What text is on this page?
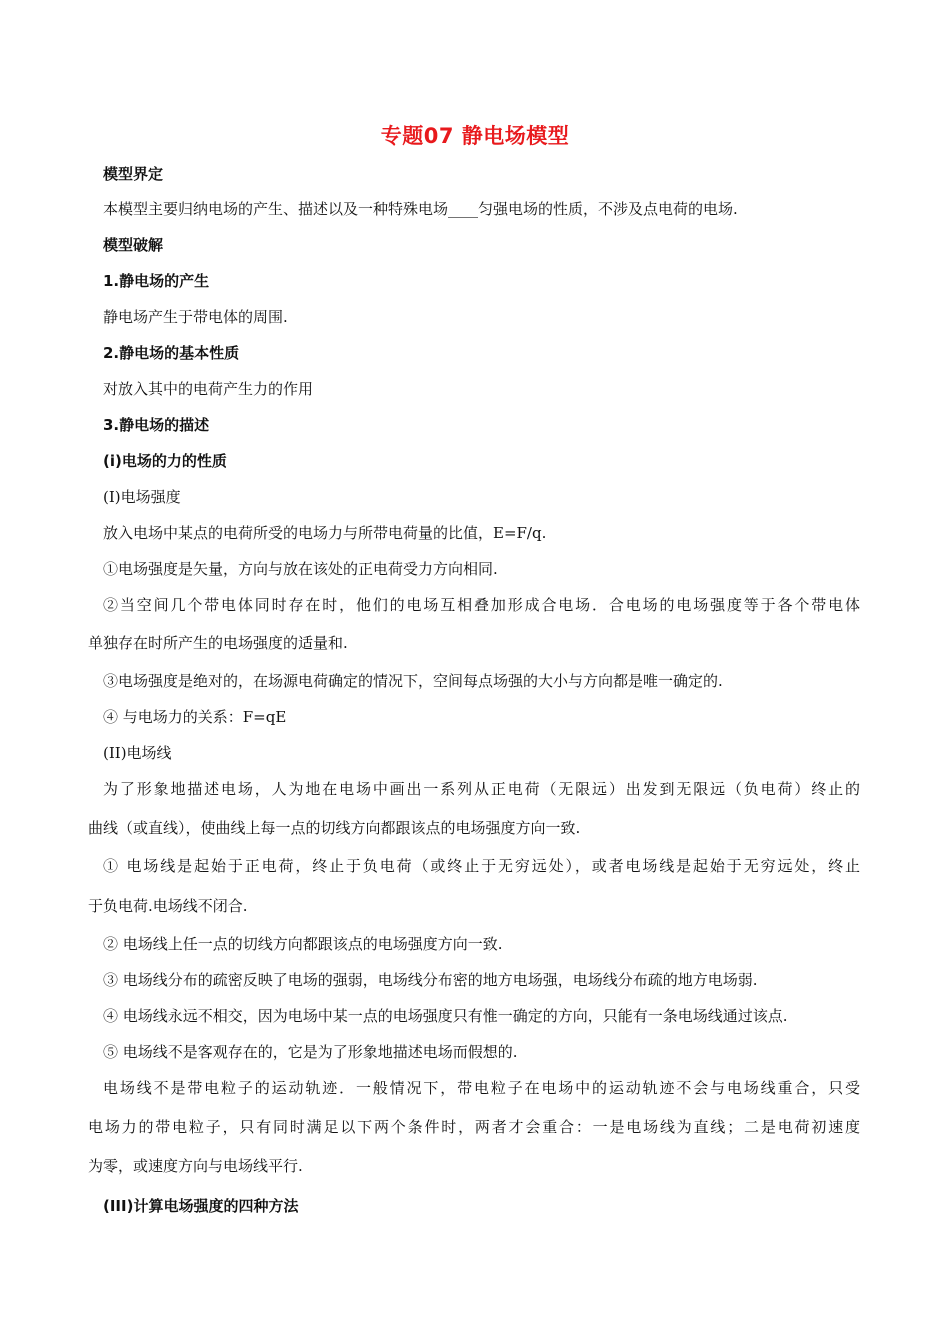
专题07 静电场模型
模型界定
本模型主要归纳电场的产生、描述以及一种特殊电场____匀强电场的性质，不涉及点电荷的电场.
模型破解
1.静电场的产生
静电场产生于带电体的周围.
2.静电场的基本性质
对放入其中的电荷产生力的作用
3.静电场的描述
(i)电场的力的性质
(I)电场强度
放入电场中某点的电荷所受的电场力与所带电荷量的比值，E=F/q.
①电场强度是矢量，方向与放在该处的正电荷受力方向相同.
②当空间几个带电体同时存在时，他们的电场互相叠加形成合电场．合电场的电场强度等于各个带电体
单独存在时所产生的电场强度的适量和.
③电场强度是绝对的，在场源电荷确定的情况下，空间每点场强的大小与方向都是唯一确定的.
④ 与电场力的关系：F=qE
(II)电场线
为了形象地描述电场，人为地在电场中画出一系列从正电荷（无限远）出发到无限远（负电荷）终止的
曲线（或直线），使曲线上每一点的切线方向都跟该点的电场强度方向一致.
① 电场线是起始于正电荷，终止于负电荷（或终止于无穷远处），或者电场线是起始于无穷远处，终止
于负电荷.电场线不闭合.
② 电场线上任一点的切线方向都跟该点的电场强度方向一致.
③ 电场线分布的疏密反映了电场的强弱，电场线分布密的地方电场强，电场线分布疏的地方电场弱.
④ 电场线永远不相交，因为电场中某一点的电场强度只有惟一确定的方向，只能有一条电场线通过该点.
⑤ 电场线不是客观存在的，它是为了形象地描述电场而假想的.
电场线不是带电粒子的运动轨迹．一般情况下，带电粒子在电场中的运动轨迹不会与电场线重合，只受
电场力的带电粒子，只有同时满足以下两个条件时，两者才会重合：一是电场线为直线；二是电荷初速度
为零，或速度方向与电场线平行.
(III)计算电场强度的四种方法
